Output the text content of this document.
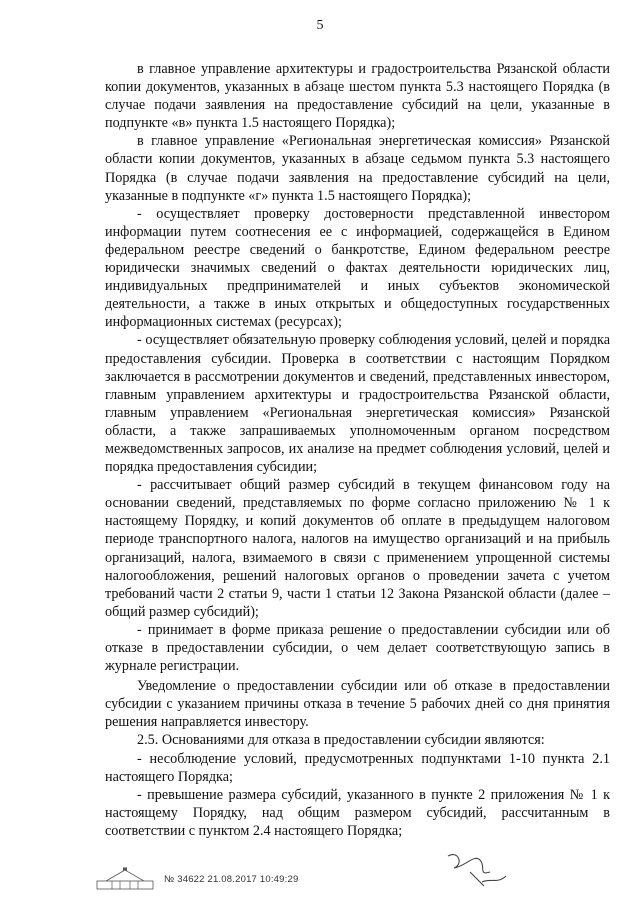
5

в главное управление архитектуры и градостроительства Рязанской области копии документов, указанных в абзаце шестом пункта 5.3 настоящего Порядка (в случае подачи заявления на предоставление субсидий на цели, указанные в подпункте «в» пункта 1.5 настоящего Порядка);

в главное управление «Региональная энергетическая комиссия» Рязанской области копии документов, указанных в абзаце седьмом пункта 5.3 настоящего Порядка (в случае подачи заявления на предоставление субсидий на цели, указанные в подпункте «г» пункта 1.5 настоящего Порядка);

- осуществляет проверку достоверности представленной инвестором информации путем соотнесения ее с информацией, содержащейся в Едином федеральном реестре сведений о банкротстве, Едином федеральном реестре юридически значимых сведений о фактах деятельности юридических лиц, индивидуальных предпринимателей и иных субъектов экономической деятельности, а также в иных открытых и общедоступных государственных информационных системах (ресурсах);

- осуществляет обязательную проверку соблюдения условий, целей и порядка предоставления субсидии. Проверка в соответствии с настоящим Порядком заключается в рассмотрении документов и сведений, представленных инвестором, главным управлением архитектуры и градостроительства Рязанской области, главным управлением «Региональная энергетическая комиссия» Рязанской области, а также запрашиваемых уполномоченным органом посредством межведомственных запросов, их анализе на предмет соблюдения условий, целей и порядка предоставления субсидии;

- рассчитывает общий размер субсидий в текущем финансовом году на основании сведений, представляемых по форме согласно приложению № 1 к настоящему Порядку, и копий документов об оплате в предыдущем налоговом периоде транспортного налога, налогов на имущество организаций и на прибыль организаций, налога, взимаемого в связи с применением упрощенной системы налогообложения, решений налоговых органов о проведении зачета с учетом требований части 2 статьи 9, части 1 статьи 12 Закона Рязанской области (далее – общий размер субсидий);

- принимает в форме приказа решение о предоставлении субсидии или об отказе в предоставлении субсидии, о чем делает соответствующую запись в журнале регистрации.

Уведомление о предоставлении субсидии или об отказе в предоставлении субсидии с указанием причины отказа в течение 5 рабочих дней со дня принятия решения направляется инвестору.

2.5. Основаниями для отказа в предоставлении субсидии являются:

- несоблюдение условий, предусмотренных подпунктами 1-10 пункта 2.1 настоящего Порядка;

- превышение размера субсидий, указанного в пункте 2 приложения № 1 к настоящему Порядку, над общим размером субсидий, рассчитанным в соответствии с пунктом 2.4 настоящего Порядка;

№ 34622 21.08.2017 10:49:29
